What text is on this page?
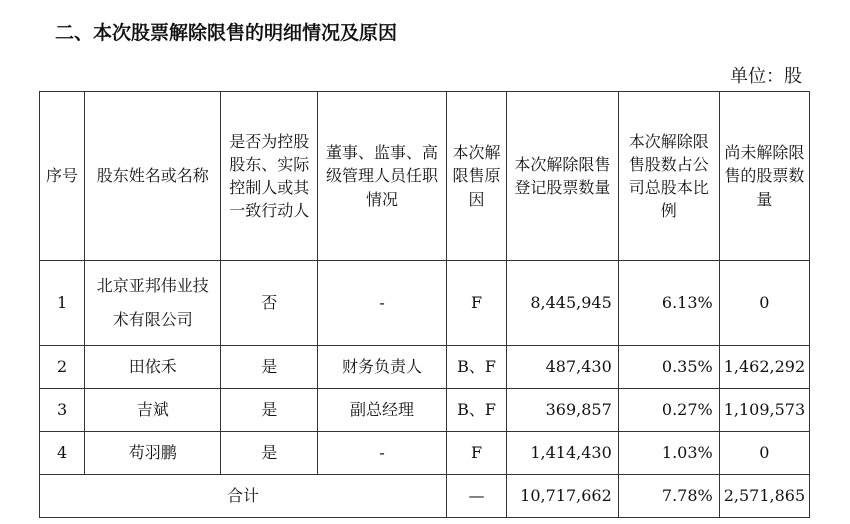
二、本次股票解除限售的明细情况及原因
单位：股
序号	股东姓名或名称	是否为控股股东、实际控制人或其一致行动人	董事、监事、高级管理人员任职情况	本次解限售原因	本次解除限售登记股票数量	本次解除限售股数占公司总股本比例	尚未解除限售的股票数量
1	北京亚邦伟业技术有限公司	否	-	F	8,445,945	6.13%	0
2	田依禾	是	财务负责人	B、F	487,430	0.35%	1,462,292
3	吉斌	是	副总经理	B、F	369,857	0.27%	1,109,573
4	苟羽鹏	是	-	F	1,414,430	1.03%	0
合计				—	10,717,662	7.78%	2,571,865
